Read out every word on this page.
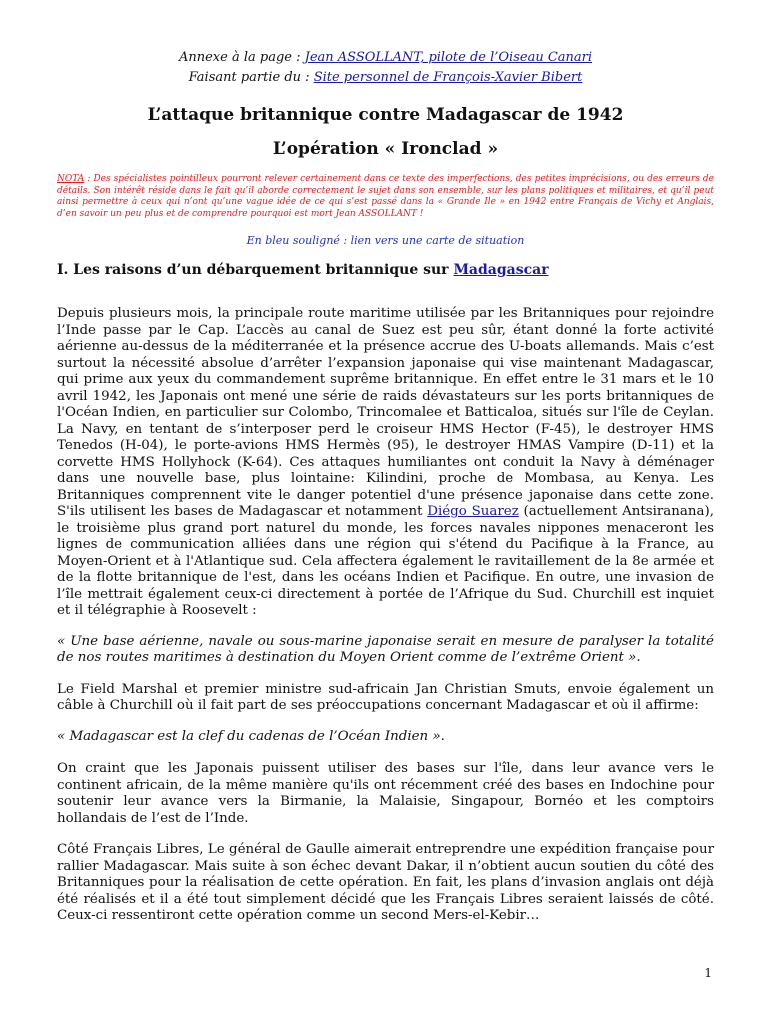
Annexe à la page : Jean ASSOLLANT, pilote de l’Oiseau Canari
Faisant partie du : Site personnel de François-Xavier Bibert
L’attaque britannique contre Madagascar de 1942
L’opération « Ironclad »
NOTA : Des spécialistes pointilleux pourront relever certainement dans ce texte des imperfections, des petites imprécisions, ou des erreurs de détails. Son intérêt réside dans le fait qu’il aborde correctement le sujet dans son ensemble, sur les plans politiques et militaires, et qu’il peut ainsi permettre à ceux qui n’ont qu’une vague idée de ce qui s’est passé dans la « Grande Ile » en 1942 entre Français de Vichy et Anglais, d’en savoir un peu plus et de comprendre pourquoi est mort Jean ASSOLLANT !
En bleu souligné : lien vers une carte de situation
I. Les raisons d’un débarquement britannique sur Madagascar

Depuis plusieurs mois, la principale route maritime utilisée par les Britanniques pour rejoindre l’Inde passe par le Cap. L’accès au canal de Suez est peu sûr, étant donné la forte activité aérienne au-dessus de la méditerranée et la présence accrue des U-boats allemands. Mais c’est surtout la nécessité absolue d’arrêter l’expansion japonaise qui vise maintenant Madagascar, qui prime aux yeux du commandement suprême britannique. En effet entre le 31 mars et le 10 avril 1942, les Japonais ont mené une série de raids dévastateurs sur les ports britanniques de l'Océan Indien, en particulier sur Colombo, Trincomalee et Batticaloa, situés sur l'île de Ceylan. La Navy, en tentant de s’interposer perd le croiseur HMS Hector (F-45), le destroyer HMS Tenedos (H-04), le porte-avions HMS Hermès (95), le destroyer HMAS Vampire (D-11) et la corvette HMS Hollyhock (K-64). Ces attaques humiliantes ont conduit la Navy à déménager dans une nouvelle base, plus lointaine: Kilindini, proche de Mombasa, au Kenya. Les Britanniques comprennent vite le danger potentiel d'une présence japonaise dans cette zone. S'ils utilisent les bases de Madagascar et notamment Diégo Suarez (actuellement Antsiranana), le troisième plus grand port naturel du monde, les forces navales nippones menaceront les lignes de communication alliées dans une région qui s'étend du Pacifique à la France, au Moyen-Orient et à l'Atlantique sud. Cela affectera également le ravitaillement de la 8e armée et de la flotte britannique de l'est, dans les océans Indien et Pacifique. En outre, une invasion de l’île mettrait également ceux-ci directement à portée de l’Afrique du Sud. Churchill est inquiet et il télégraphie à Roosevelt :

« Une base aérienne, navale ou sous-marine japonaise serait en mesure de paralyser la totalité de nos routes maritimes à destination du Moyen Orient comme de l’extrême Orient ».

Le Field Marshal et premier ministre sud-africain Jan Christian Smuts, envoie également un câble à Churchill où il fait part de ses préoccupations concernant Madagascar et où il affirme:

« Madagascar est la clef du cadenas de l’Océan Indien ».

On craint que les Japonais puissent utiliser des bases sur l'île, dans leur avance vers le continent africain, de la même manière qu'ils ont récemment créé des bases en Indochine pour soutenir leur avance vers la Birmanie, la Malaisie, Singapour, Bornéo et les comptoirs hollandais de l’est de l’Inde.

Côté Français Libres, Le général de Gaulle aimerait entreprendre une expédition française pour rallier Madagascar. Mais suite à son échec devant Dakar, il n’obtient aucun soutien du côté des Britanniques pour la réalisation de cette opération. En fait, les plans d’invasion anglais ont déjà été réalisés et il a été tout simplement décidé que les Français Libres seraient laissés de côté. Ceux-ci ressentiront cette opération comme un second Mers-el-Kebir…

1
